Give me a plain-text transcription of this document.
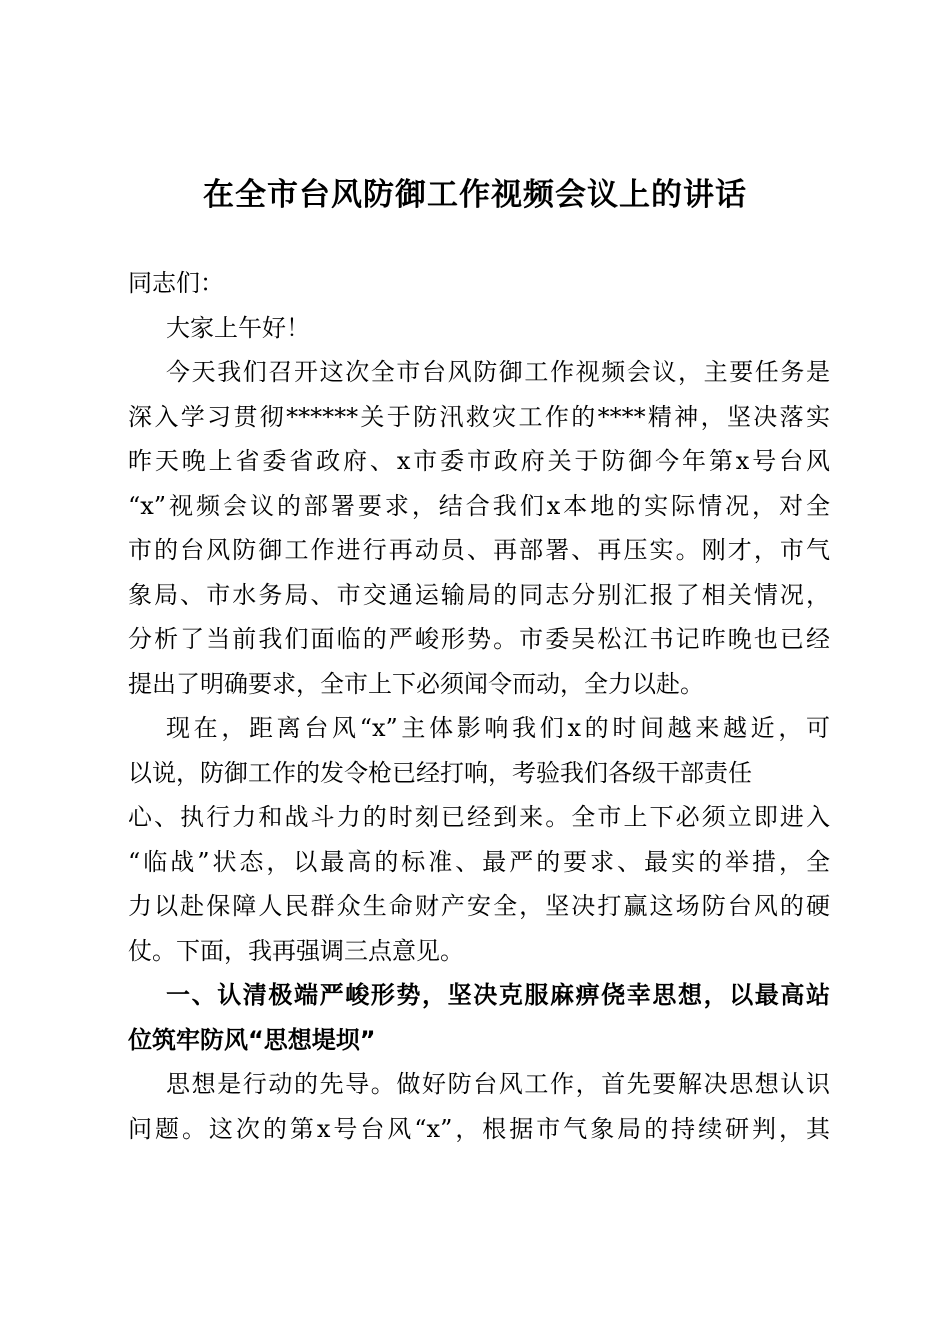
在全市台风防御工作视频会议上的讲话
同志们：
大家上午好！
今天我们召开这次全市台风防御工作视频会议，主要任务是
深入学习贯彻******关于防汛救灾工作的****精神，坚决落实
昨天晚上省委省政府、x市委市政府关于防御今年第x号台风
“x”视频会议的部署要求，结合我们x本地的实际情况，对全
市的台风防御工作进行再动员、再部署、再压实。刚才，市气
象局、市水务局、市交通运输局的同志分别汇报了相关情况，
分析了当前我们面临的严峻形势。市委吴松江书记昨晚也已经
提出了明确要求，全市上下必须闻令而动，全力以赴。
现在，距离台风“x”主体影响我们x的时间越来越近，可
以说，防御工作的发令枪已经打响，考验我们各级干部责任
心、执行力和战斗力的时刻已经到来。全市上下必须立即进入
“临战”状态，以最高的标准、最严的要求、最实的举措，全
力以赴保障人民群众生命财产安全，坚决打赢这场防台风的硬
仗。下面，我再强调三点意见。
一、认清极端严峻形势，坚决克服麻痹侥幸思想，以最高站
位筑牢防风“思想堤坝”
思想是行动的先导。做好防台风工作，首先要解决思想认识
问题。这次的第x号台风“x”，根据市气象局的持续研判，其
